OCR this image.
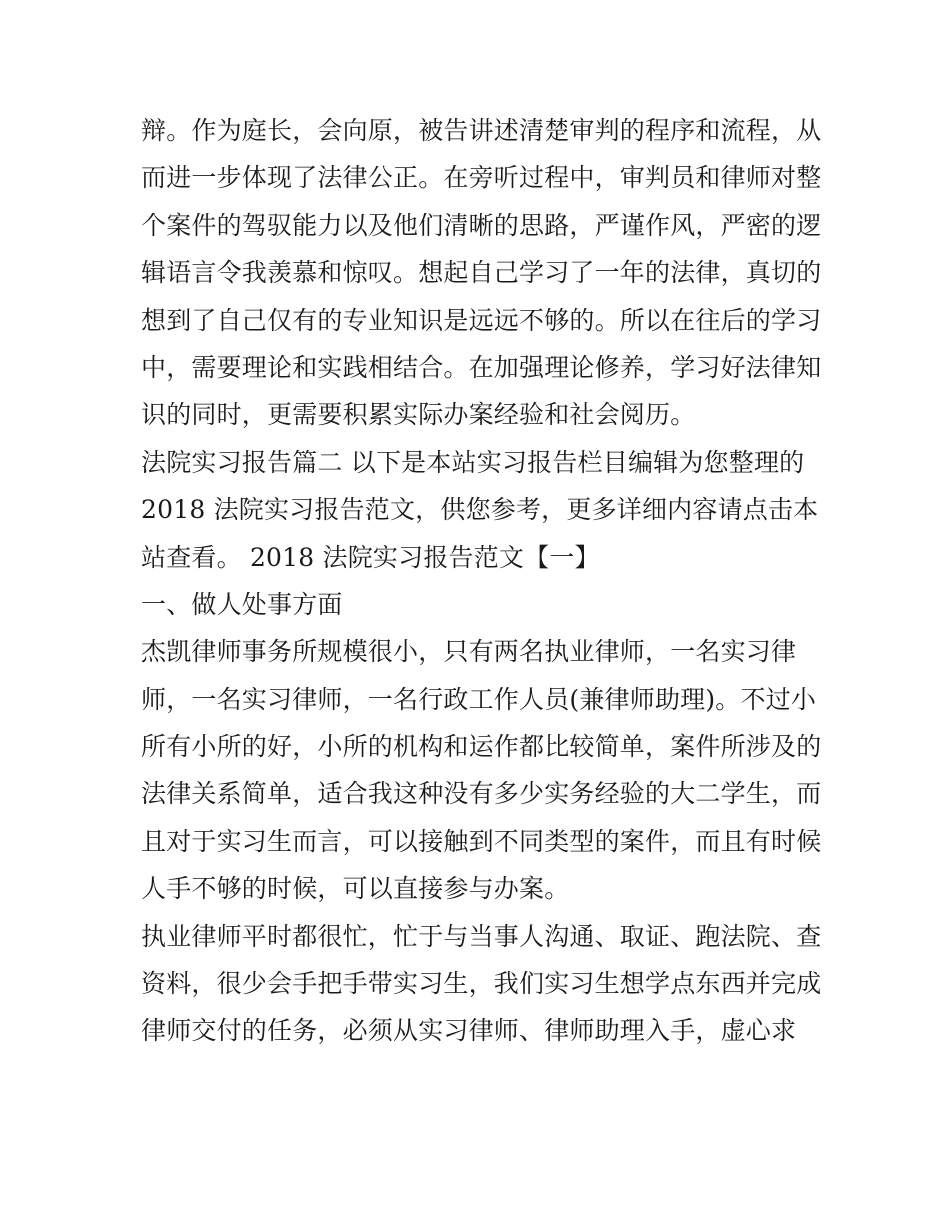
辩。作为庭长，会向原，被告讲述清楚审判的程序和流程，从
而进一步体现了法律公正。在旁听过程中，审判员和律师对整
个案件的驾驭能力以及他们清晰的思路，严谨作风，严密的逻
辑语言令我羡慕和惊叹。想起自己学习了一年的法律，真切的
想到了自己仅有的专业知识是远远不够的。所以在往后的学习
中，需要理论和实践相结合。在加强理论修养，学习好法律知
识的同时，更需要积累实际办案经验和社会阅历。
法院实习报告篇二 以下是本站实习报告栏目编辑为您整理的
2018 法院实习报告范文，供您参考，更多详细内容请点击本
站查看。 2018 法院实习报告范文【一】
一、做人处事方面
杰凯律师事务所规模很小，只有两名执业律师，一名实习律
师，一名实习律师，一名行政工作人员(兼律师助理)。不过小
所有小所的好，小所的机构和运作都比较简单，案件所涉及的
法律关系简单，适合我这种没有多少实务经验的大二学生，而
且对于实习生而言，可以接触到不同类型的案件，而且有时候
人手不够的时候，可以直接参与办案。
执业律师平时都很忙，忙于与当事人沟通、取证、跑法院、查
资料，很少会手把手带实习生，我们实习生想学点东西并完成
律师交付的任务，必须从实习律师、律师助理入手，虚心求
